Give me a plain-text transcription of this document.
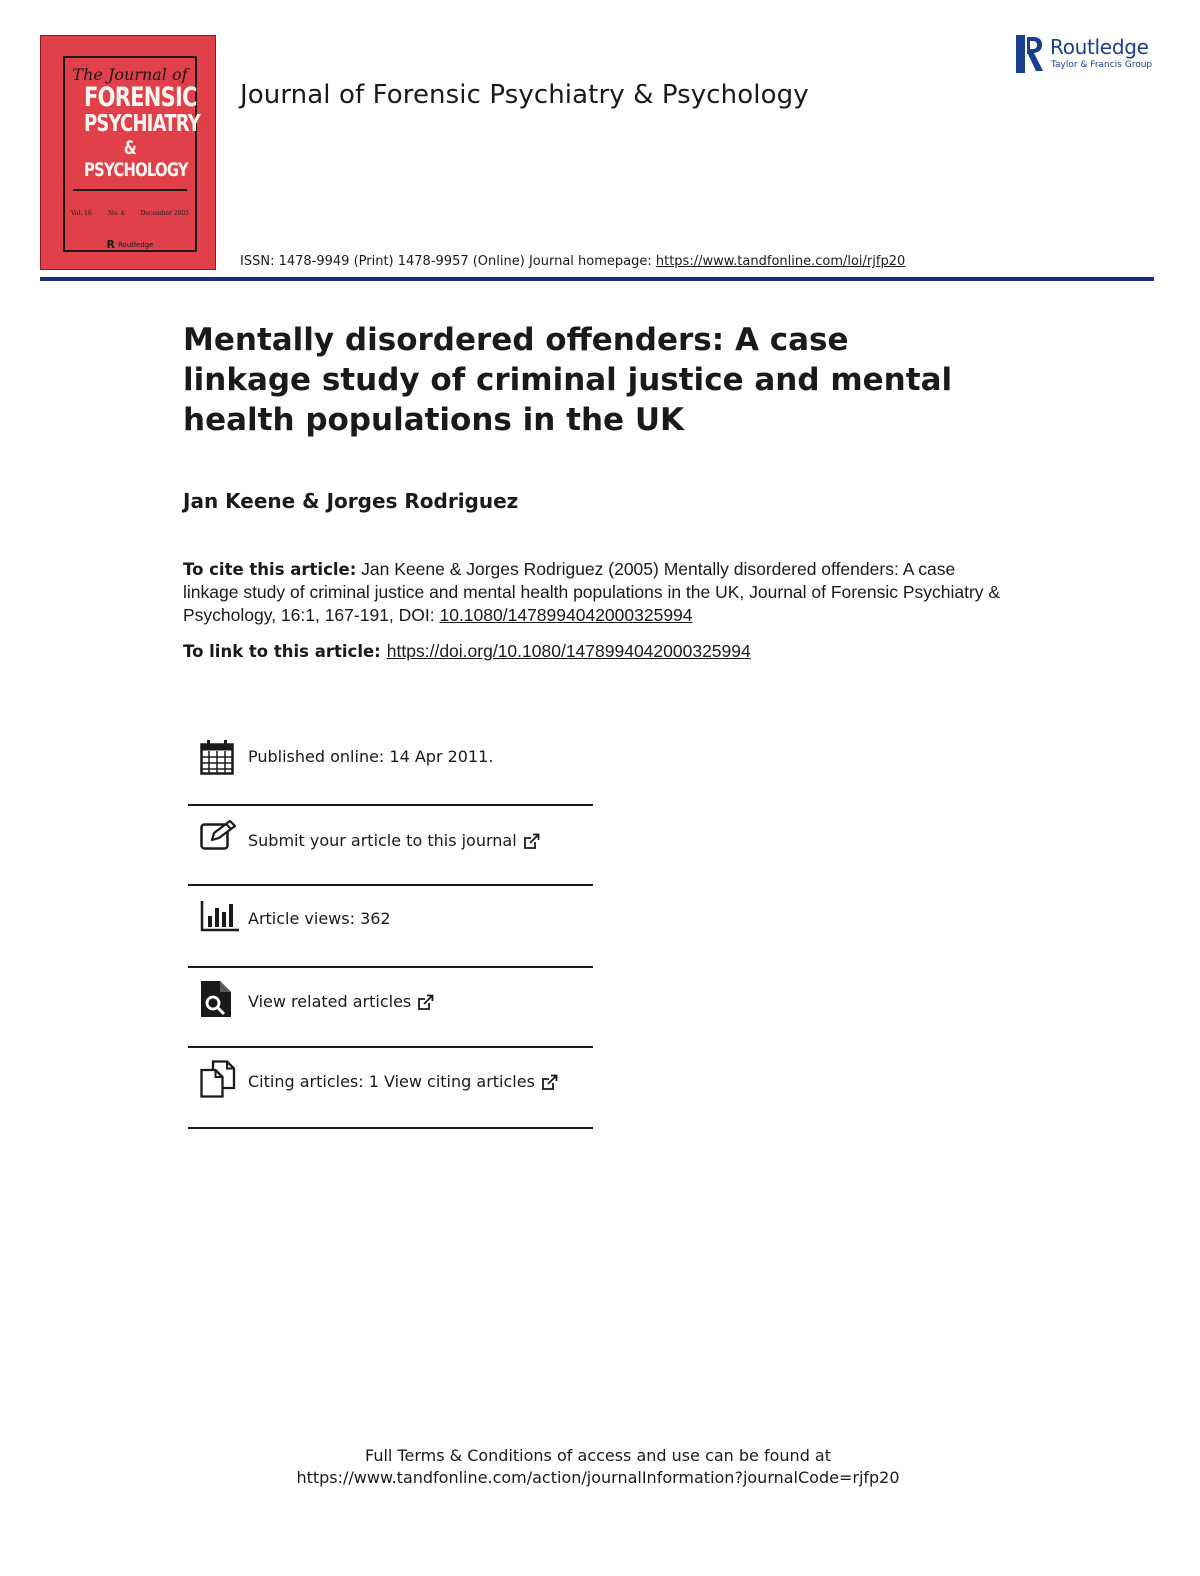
The Journal of
FORENSIC
PSYCHIATRY
& PSYCHOLOGY
Vol. 16	No. 4	December 2005
R Routledge
Journal of Forensic Psychiatry & Psychology
ISSN: 1478-9949 (Print) 1478-9957 (Online) Journal homepage: https://www.tandfonline.com/loi/rjfp20
Routledge
Taylor & Francis Group
Mentally disordered offenders: A case linkage study of criminal justice and mental health populations in the UK
Jan Keene & Jorges Rodriguez
To cite this article: Jan Keene & Jorges Rodriguez (2005) Mentally disordered offenders: A case linkage study of criminal justice and mental health populations in the UK, Journal of Forensic Psychiatry & Psychology, 16:1, 167-191, DOI: 10.1080/1478994042000325994
To link to this article: https://doi.org/10.1080/1478994042000325994
Published online: 14 Apr 2011.
Submit your article to this journal
Article views: 362
View related articles
Citing articles: 1 View citing articles
Full Terms & Conditions of access and use can be found at
https://www.tandfonline.com/action/journalInformation?journalCode=rjfp20
